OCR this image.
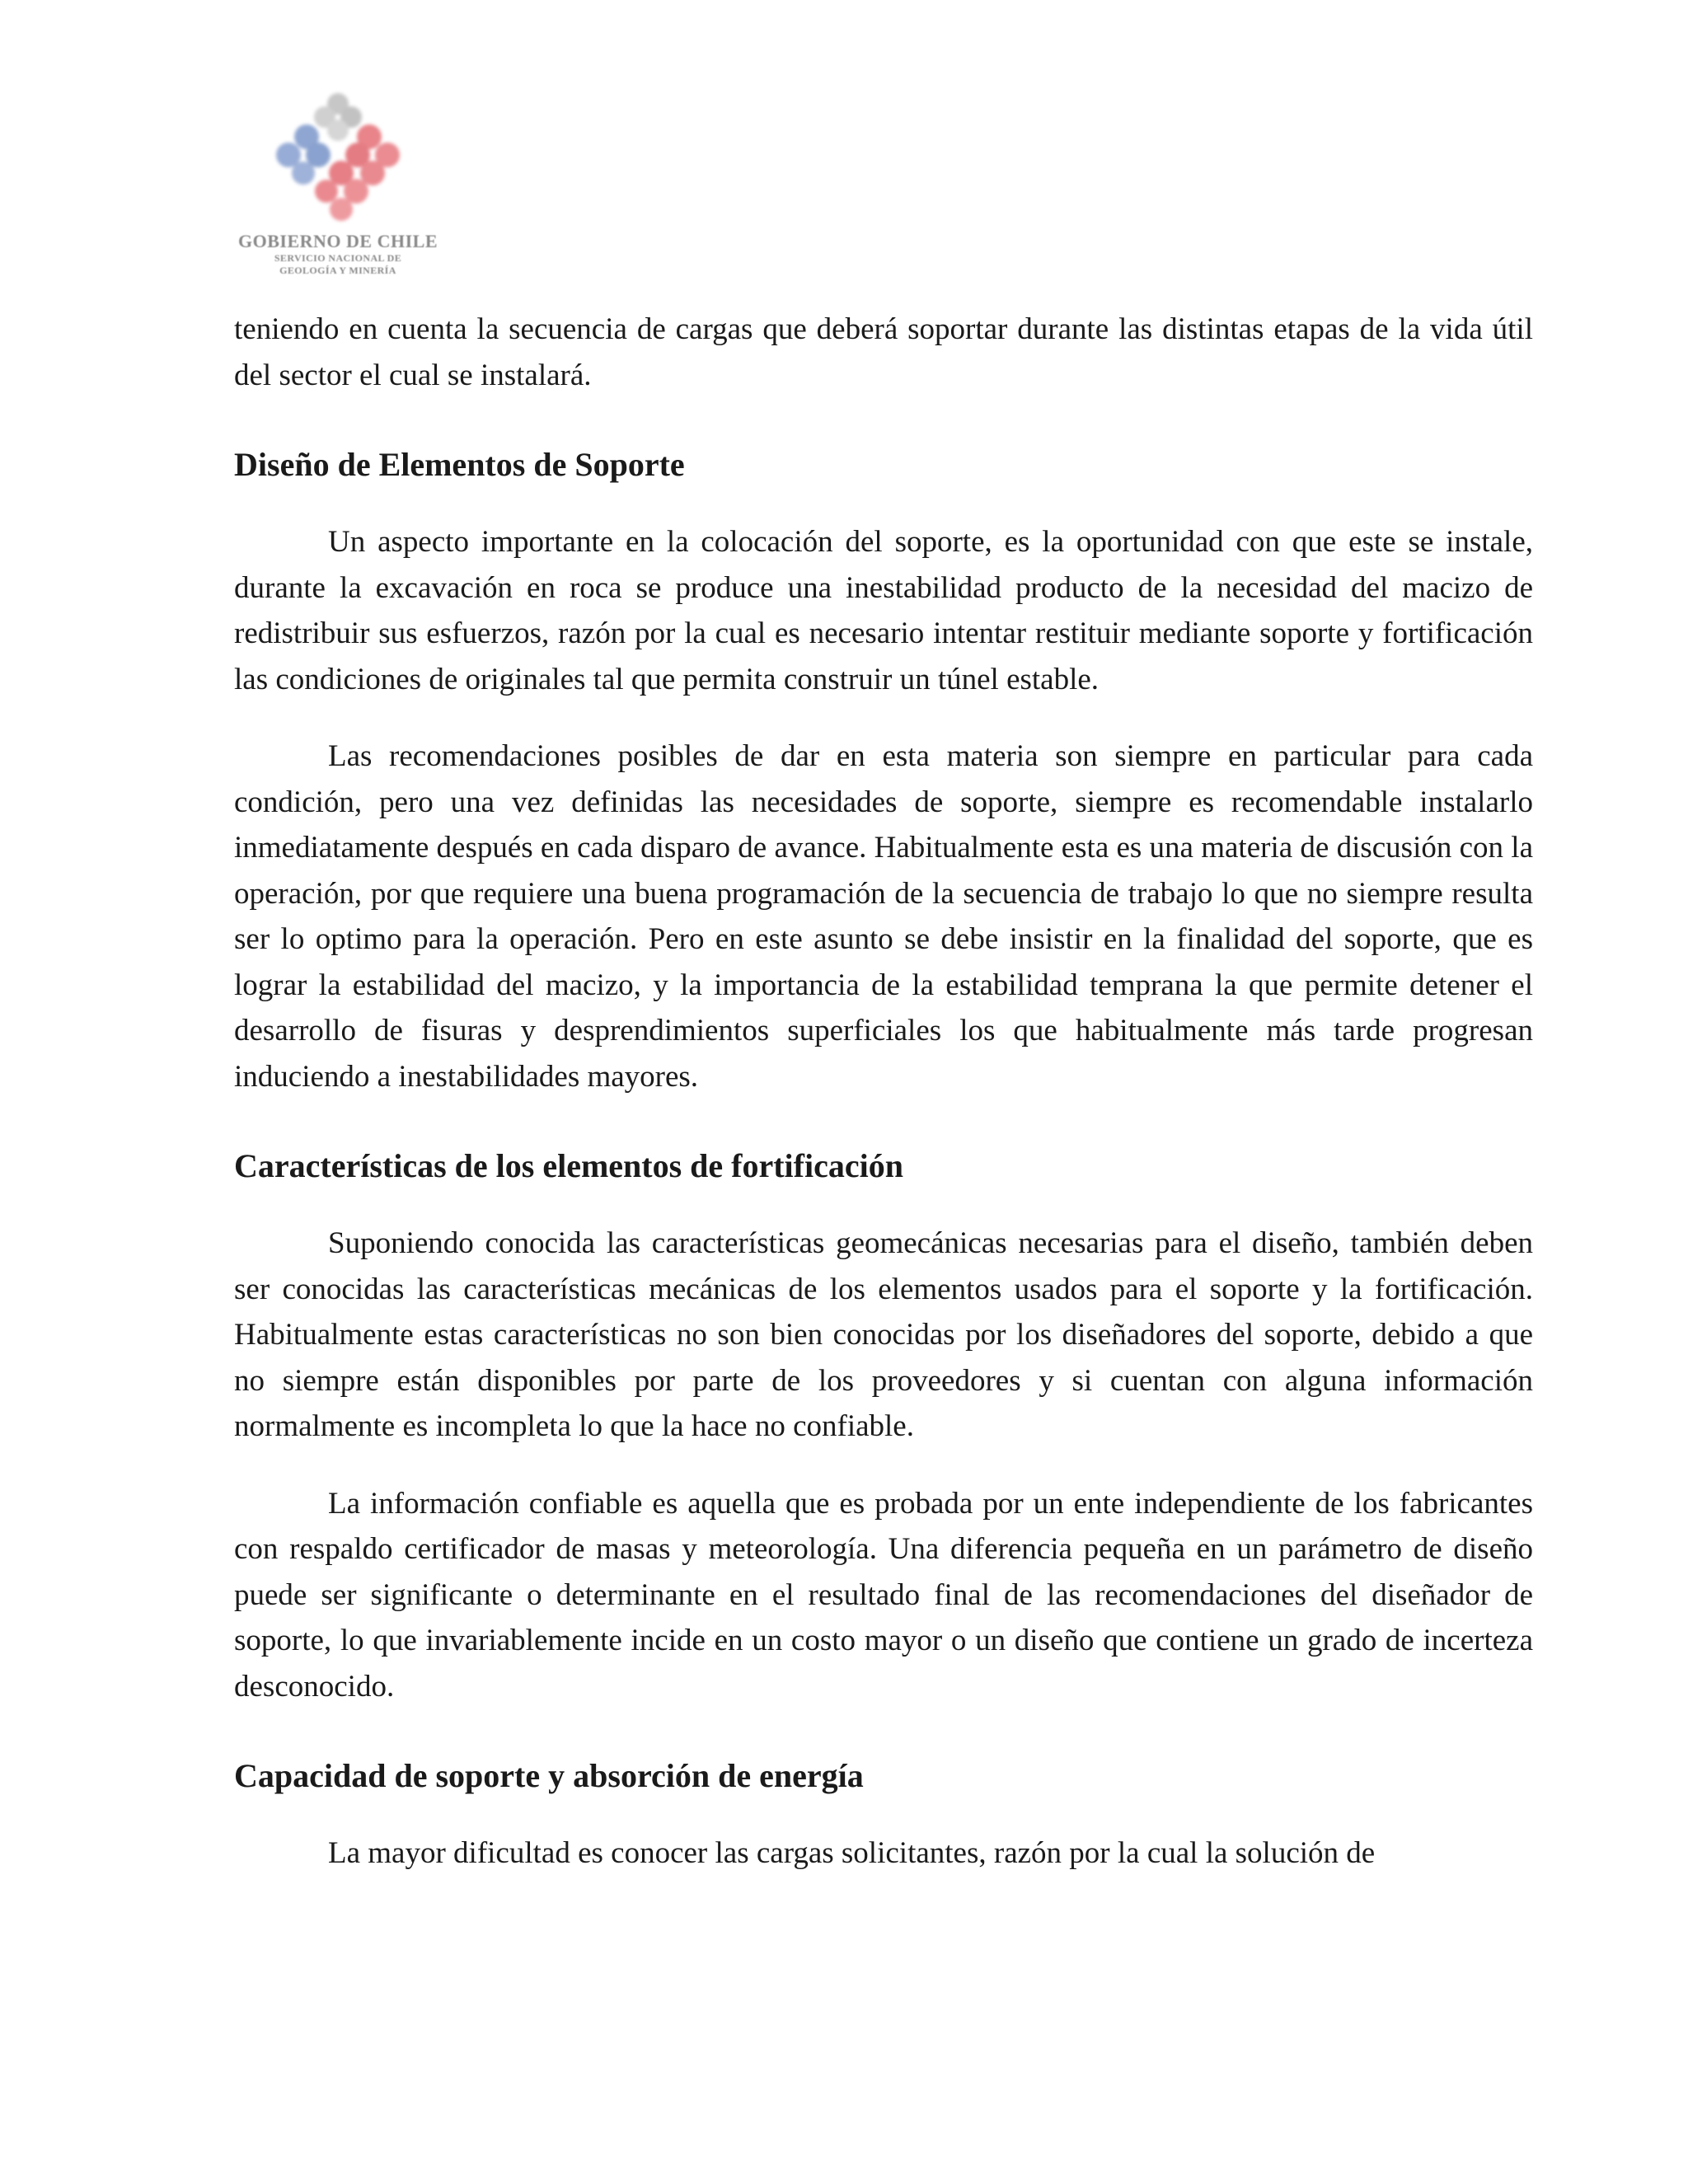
GOBIERNO DE CHILE
SERVICIO NACIONAL DE
GEOLOGÍA Y MINERÍA

teniendo en cuenta la secuencia de cargas que deberá soportar durante las distintas etapas de la vida útil del sector el cual se instalará.

Diseño de Elementos de Soporte

Un aspecto importante en la colocación del soporte, es la oportunidad con que este se instale, durante la excavación en roca se produce una inestabilidad producto de la necesidad del macizo de redistribuir sus esfuerzos, razón por la cual es necesario intentar restituir mediante soporte y fortificación las condiciones de originales tal que permita construir un túnel estable.

Las recomendaciones posibles de dar en esta materia son siempre en particular para cada condición, pero una vez definidas las necesidades de soporte, siempre es recomendable instalarlo inmediatamente después en cada disparo de avance. Habitualmente esta es una materia de discusión con la operación, por que requiere una buena programación de la secuencia de trabajo lo que no siempre resulta ser lo optimo para la operación. Pero en este asunto se debe insistir en la finalidad del soporte, que es lograr la estabilidad del macizo, y la importancia de la estabilidad temprana la que permite detener el desarrollo de fisuras y desprendimientos superficiales los que habitualmente más tarde progresan induciendo a inestabilidades mayores.

Características de los elementos de fortificación

Suponiendo conocida las características geomecánicas necesarias para el diseño, también deben ser conocidas las características mecánicas de los elementos usados para el soporte y la fortificación. Habitualmente estas características no son bien conocidas por los diseñadores del soporte, debido a que no siempre están disponibles por parte de los proveedores y si cuentan con alguna información normalmente es incompleta lo que la hace no confiable.

La información confiable es aquella que es probada por un ente independiente de los fabricantes con respaldo certificador de masas y meteorología. Una diferencia pequeña en un parámetro de diseño puede ser significante o determinante en el resultado final de las recomendaciones del diseñador de soporte, lo que invariablemente incide en un costo mayor o un diseño que contiene un grado de incerteza desconocido.

Capacidad de soporte y absorción de energía

La mayor dificultad es conocer las cargas solicitantes, razón por la cual la solución de
